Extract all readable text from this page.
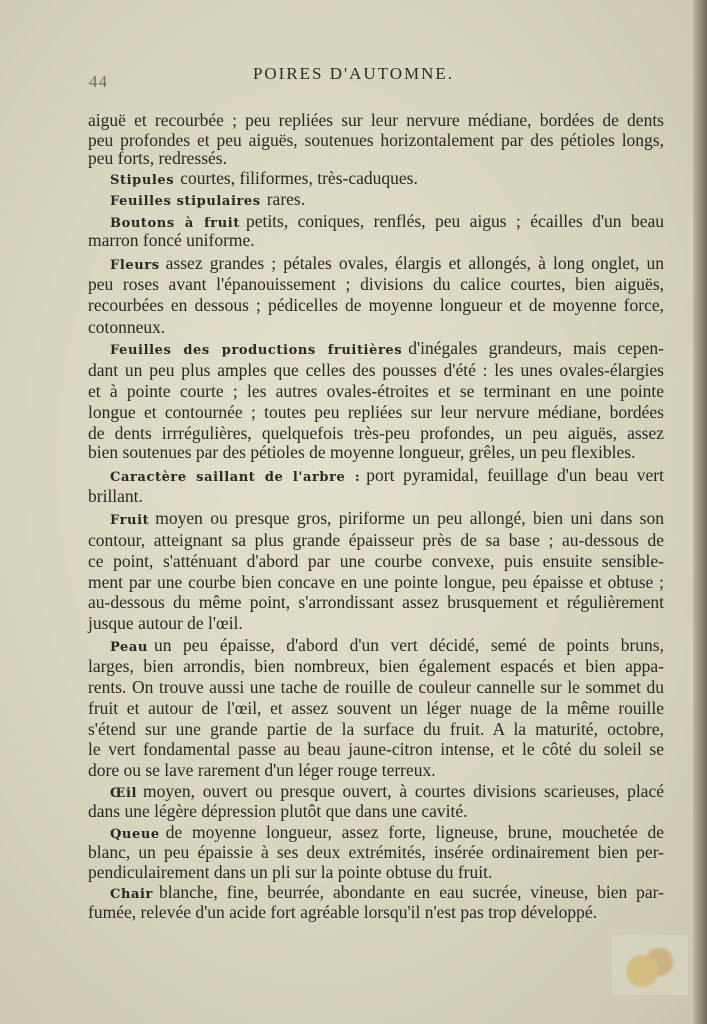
44	POIRES D'AUTOMNE.
aiguë et recourbée ; peu repliées sur leur nervure médiane, bordées de dents
peu profondes et peu aiguës, soutenues horizontalement par des pétioles longs,
peu forts, redressés.
Stipules courtes, filiformes, très-caduques.
Feuilles stipulaires rares.
Boutons à fruit petits, coniques, renflés, peu aigus ; écailles d'un beau
marron foncé uniforme.
Fleurs assez grandes ; pétales ovales, élargis et allongés, à long onglet, un
peu roses avant l'épanouissement ; divisions du calice courtes, bien aiguës,
recourbées en dessous ; pédicelles de moyenne longueur et de moyenne force,
cotonneux.
Feuilles des productions fruitières d'inégales grandeurs, mais cepen-
dant un peu plus amples que celles des pousses d'été : les unes ovales-élargies
et à pointe courte ; les autres ovales-étroites et se terminant en une pointe
longue et contournée ; toutes peu repliées sur leur nervure médiane, bordées
de dents irrrégulières, quelquefois très-peu profondes, un peu aiguës, assez
bien soutenues par des pétioles de moyenne longueur, grêles, un peu flexibles.
Caractère saillant de l'arbre : port pyramidal, feuillage d'un beau vert
brillant.
Fruit moyen ou presque gros, piriforme un peu allongé, bien uni dans son
contour, atteignant sa plus grande épaisseur près de sa base ; au-dessous de
ce point, s'atténuant d'abord par une courbe convexe, puis ensuite sensible-
ment par une courbe bien concave en une pointe longue, peu épaisse et obtuse ;
au-dessous du même point, s'arrondissant assez brusquement et régulièrement
jusque autour de l'œil.
Peau un peu épaisse, d'abord d'un vert décidé, semé de points bruns,
larges, bien arrondis, bien nombreux, bien également espacés et bien appa-
rents. On trouve aussi une tache de rouille de couleur cannelle sur le sommet du
fruit et autour de l'œil, et assez souvent un léger nuage de la même rouille
s'étend sur une grande partie de la surface du fruit. A la maturité, octobre,
le vert fondamental passe au beau jaune-citron intense, et le côté du soleil se
dore ou se lave rarement d'un léger rouge terreux.
Œil moyen, ouvert ou presque ouvert, à courtes divisions scarieuses, placé
dans une légère dépression plutôt que dans une cavité.
Queue de moyenne longueur, assez forte, ligneuse, brune, mouchetée de
blanc, un peu épaissie à ses deux extrémités, insérée ordinairement bien per-
pendiculairement dans un pli sur la pointe obtuse du fruit.
Chair blanche, fine, beurrée, abondante en eau sucrée, vineuse, bien par-
fumée, relevée d'un acide fort agréable lorsqu'il n'est pas trop développé.
